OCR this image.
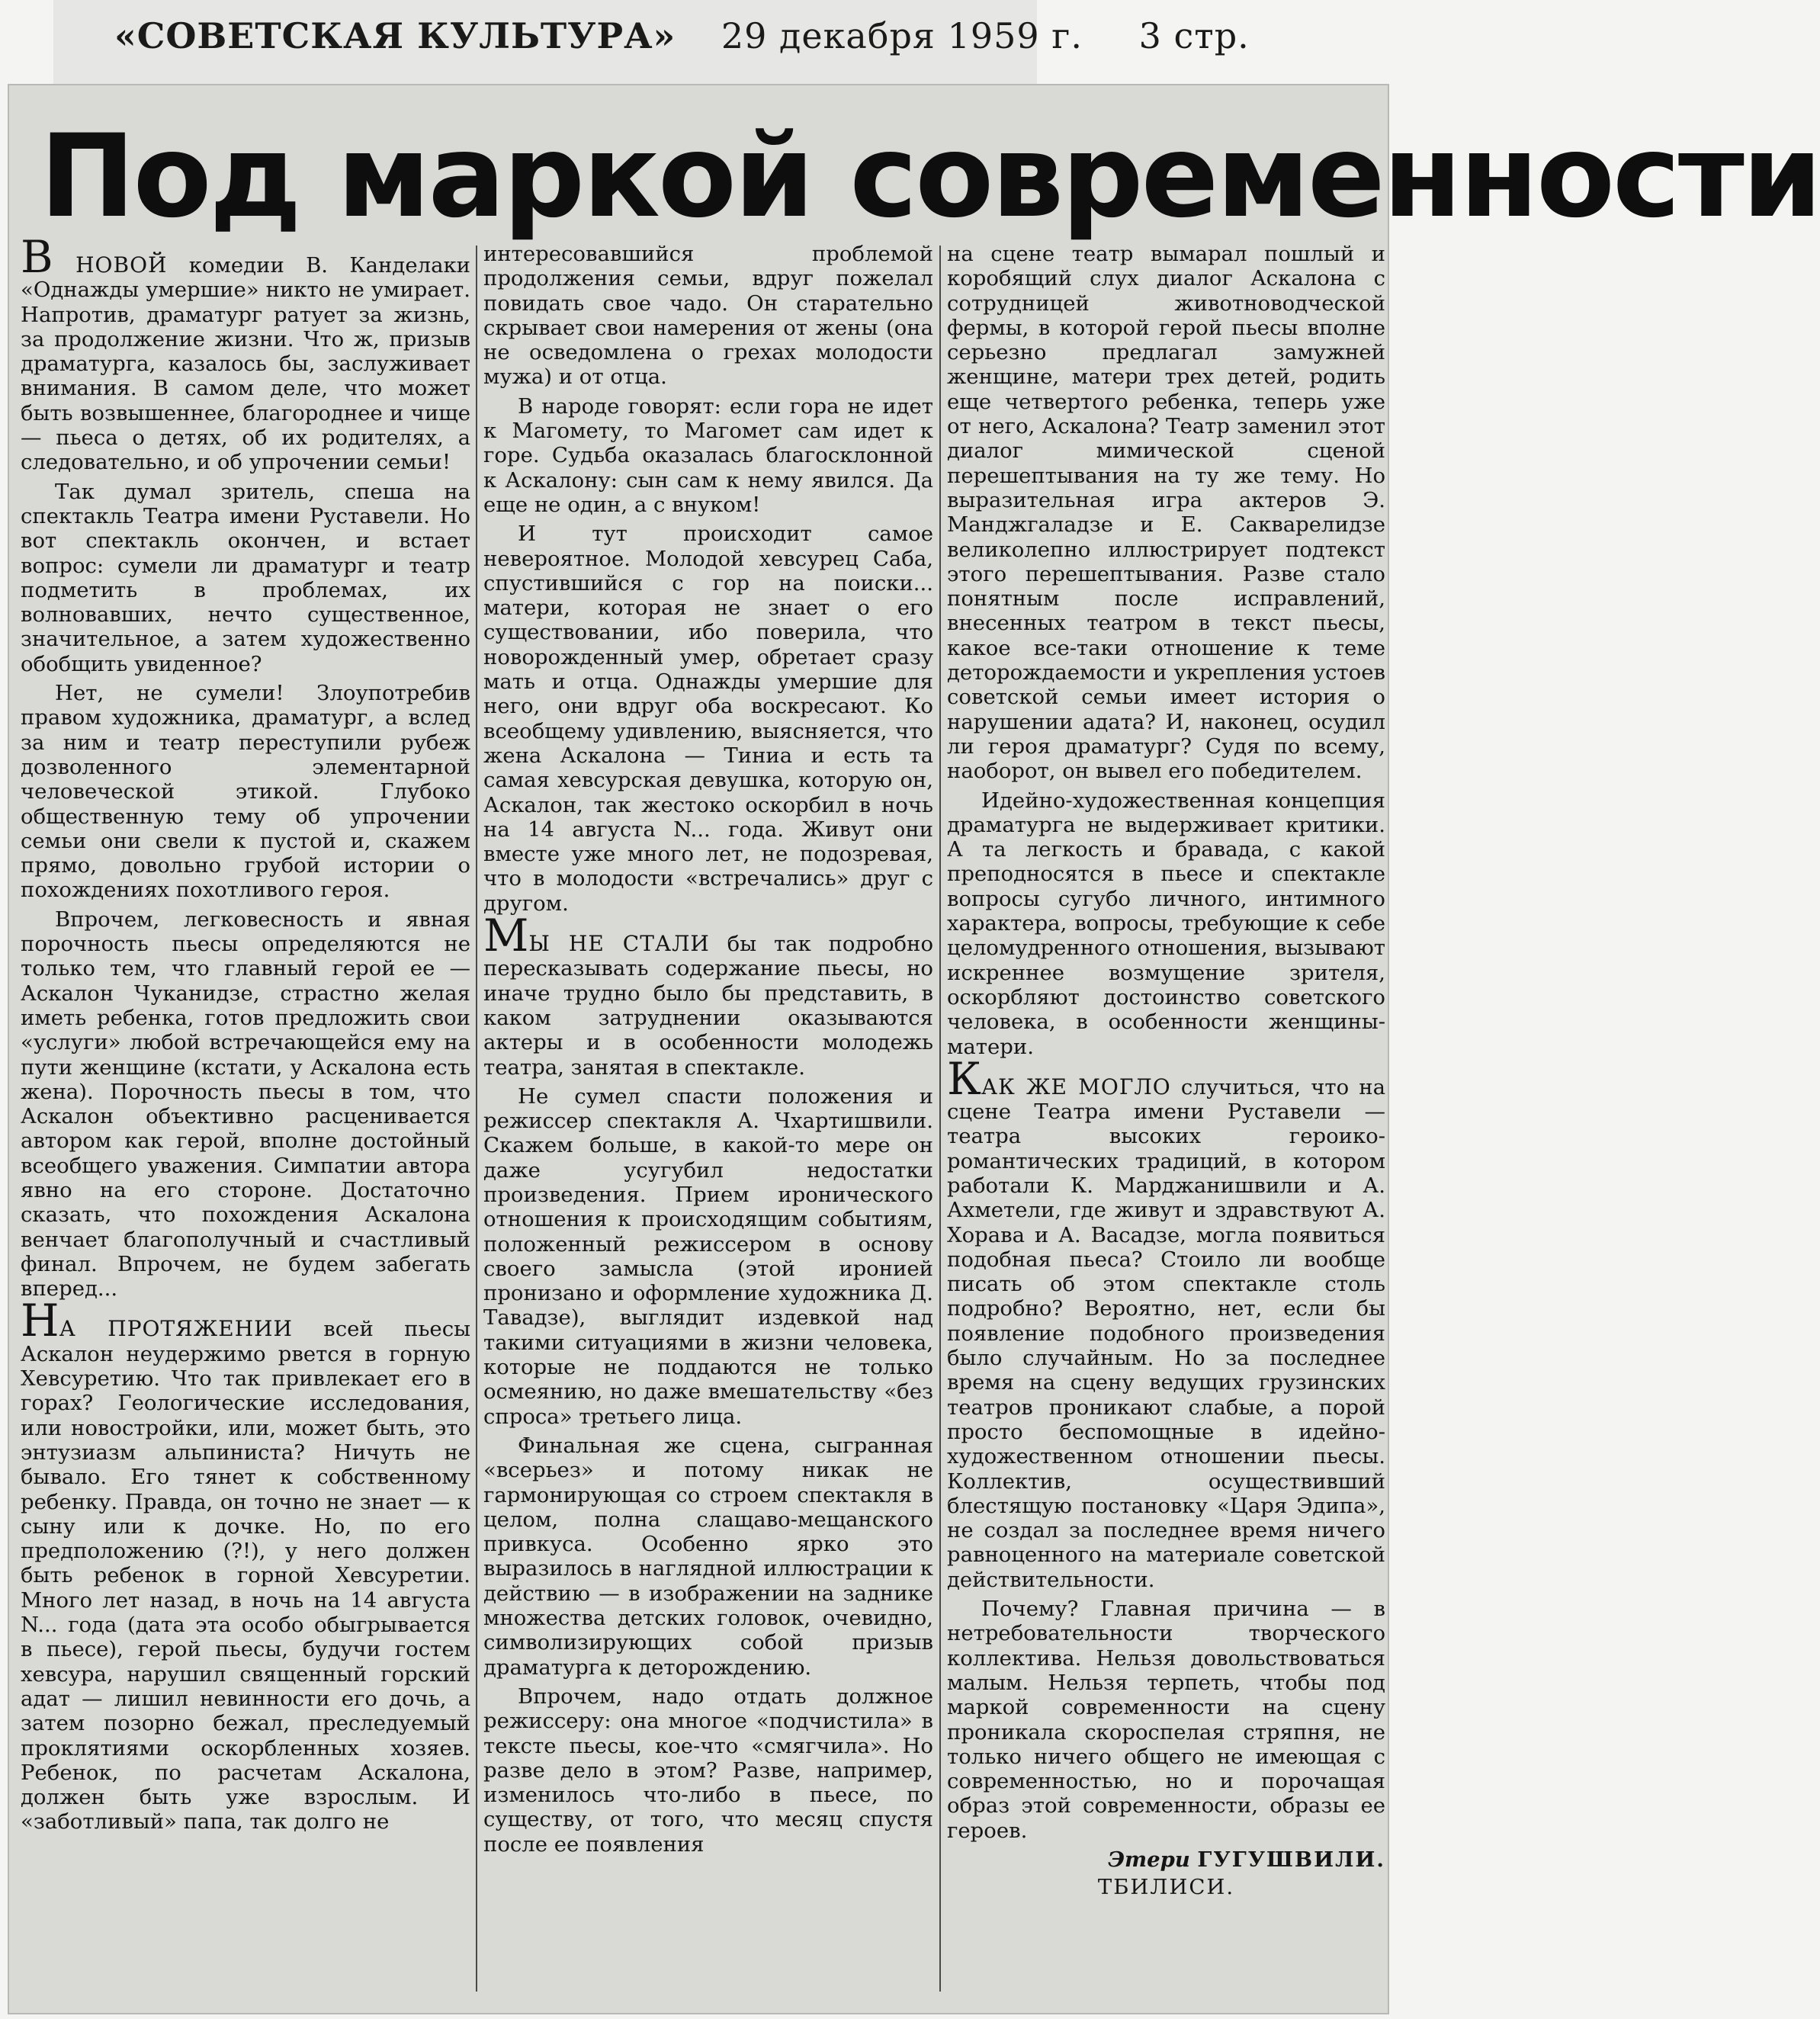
«СОВЕТСКАЯ КУЛЬТУРА» 29 декабря 1959 г. 3 стр.
Под маркой современности

В НОВОЙ комедии В. Канделаки «Однажды умершие» никто не умирает. Напротив, драматург ратует за жизнь, за продолжение жизни. Что ж, призыв драматурга, казалось бы, заслуживает внимания. В самом деле, что может быть возвышеннее, благороднее и чище — пьеса о детях, об их родителях, а следовательно, и об упрочении семьи!

Так думал зритель, спеша на спектакль Театра имени Руставели. Но вот спектакль окончен, и встает вопрос: сумели ли драматург и театр подметить в проблемах, их волновавших, нечто существенное, значительное, а затем художественно обобщить увиденное?

Нет, не сумели! Злоупотребив правом художника, драматург, а вслед за ним и театр переступили рубеж дозволенного элементарной человеческой этикой. Глубоко общественную тему об упрочении семьи они свели к пустой и, скажем прямо, довольно грубой истории о похождениях похотливого героя.

Впрочем, легковесность и явная порочность пьесы определяются не только тем, что главный герой ее — Аскалон Чуканидзе, страстно желая иметь ребенка, готов предложить свои «услуги» любой встречающейся ему на пути женщине (кстати, у Аскалона есть жена). Порочность пьесы в том, что Аскалон объективно расценивается автором как герой, вполне достойный всеобщего уважения. Симпатии автора явно на его стороне. Достаточно сказать, что похождения Аскалона венчает благополучный и счастливый финал. Впрочем, не будем забегать вперед...

НА ПРОТЯЖЕНИИ всей пьесы Аскалон неудержимо рвется в горную Хевсуретию. Что так привлекает его в горах? Геологические исследования, или новостройки, или, может быть, это энтузиазм альпиниста? Ничуть не бывало. Его тянет к собственному ребенку. Правда, он точно не знает — к сыну или к дочке. Но, по его предположению (?!), у него должен быть ребенок в горной Хевсуретии. Много лет назад, в ночь на 14 августа N... года (дата эта особо обыгрывается в пьесе), герой пьесы, будучи гостем хевсура, нарушил священный горский адат — лишил невинности его дочь, а затем позорно бежал, преследуемый проклятиями оскорбленных хозяев. Ребенок, по расчетам Аскалона, должен быть уже взрослым. И «заботливый» папа, так долго не

интересовавшийся проблемой продолжения семьи, вдруг пожелал повидать свое чадо. Он старательно скрывает свои намерения от жены (она не осведомлена о грехах молодости мужа) и от отца.

В народе говорят: если гора не идет к Магомету, то Магомет сам идет к горе. Судьба оказалась благосклонной к Аскалону: сын сам к нему явился. Да еще не один, а с внуком!

И тут происходит самое невероятное. Молодой хевсурец Саба, спустившийся с гор на поиски... матери, которая не знает о его существовании, ибо поверила, что новорожденный умер, обретает сразу мать и отца. Однажды умершие для него, они вдруг оба воскресают. Ко всеобщему удивлению, выясняется, что жена Аскалона — Тиниа и есть та самая хевсурская девушка, которую он, Аскалон, так жестоко оскорбил в ночь на 14 августа N... года. Живут они вместе уже много лет, не подозревая, что в молодости «встречались» друг с другом.

МЫ НЕ СТАЛИ бы так подробно пересказывать содержание пьесы, но иначе трудно было бы представить, в каком затруднении оказываются актеры и в особенности молодежь театра, занятая в спектакле.

Не сумел спасти положения и режиссер спектакля А. Чхартишвили. Скажем больше, в какой-то мере он даже усугубил недостатки произведения. Прием иронического отношения к происходящим событиям, положенный режиссером в основу своего замысла (этой иронией пронизано и оформление художника Д. Тавадзе), выглядит издевкой над такими ситуациями в жизни человека, которые не поддаются не только осмеянию, но даже вмешательству «без спроса» третьего лица.

Финальная же сцена, сыгранная «всерьез» и потому никак не гармонирующая со строем спектакля в целом, полна слащаво-мещанского привкуса. Особенно ярко это выразилось в наглядной иллюстрации к действию — в изображении на заднике множества детских головок, очевидно, символизирующих собой призыв драматурга к деторождению.

Впрочем, надо отдать должное режиссеру: она многое «подчистила» в тексте пьесы, кое-что «смягчила». Но разве дело в этом? Разве, например, изменилось что-либо в пьесе, по существу, от того, что месяц спустя после ее появления

на сцене театр вымарал пошлый и коробящий слух диалог Аскалона с сотрудницей животноводческой фермы, в которой герой пьесы вполне серьезно предлагал замужней женщине, матери трех детей, родить еще четвертого ребенка, теперь уже от него, Аскалона? Театр заменил этот диалог мимической сценой перешептывания на ту же тему. Но выразительная игра актеров Э. Манджгаладзе и Е. Сакварелидзе великолепно иллюстрирует подтекст этого перешептывания. Разве стало понятным после исправлений, внесенных театром в текст пьесы, какое все-таки отношение к теме деторождаемости и укрепления устоев советской семьи имеет история о нарушении адата? И, наконец, осудил ли героя драматург? Судя по всему, наоборот, он вывел его победителем.

Идейно-художественная концепция драматурга не выдерживает критики. А та легкость и бравада, с какой преподносятся в пьесе и спектакле вопросы сугубо личного, интимного характера, вопросы, требующие к себе целомудренного отношения, вызывают искреннее возмущение зрителя, оскорбляют достоинство советского человека, в особенности женщины-матери.

КАК ЖЕ МОГЛО случиться, что на сцене Театра имени Руставели — театра высоких героико-романтических традиций, в котором работали К. Марджанишвили и А. Ахметели, где живут и здравствуют А. Хорава и А. Васадзе, могла появиться подобная пьеса? Стоило ли вообще писать об этом спектакле столь подробно? Вероятно, нет, если бы появление подобного произведения было случайным. Но за последнее время на сцену ведущих грузинских театров проникают слабые, а порой просто беспомощные в идейно-художественном отношении пьесы. Коллектив, осуществивший блестящую постановку «Царя Эдипа», не создал за последнее время ничего равноценного на материале советской действительности.

Почему? Главная причина — в нетребовательности творческого коллектива. Нельзя довольствоваться малым. Нельзя терпеть, чтобы под маркой современности на сцену проникала скороспелая стряпня, не только ничего общего не имеющая с современностью, но и порочащая образ этой современности, образы ее героев.

Этери ГУГУШВИЛИ.
ТБИЛИСИ.
